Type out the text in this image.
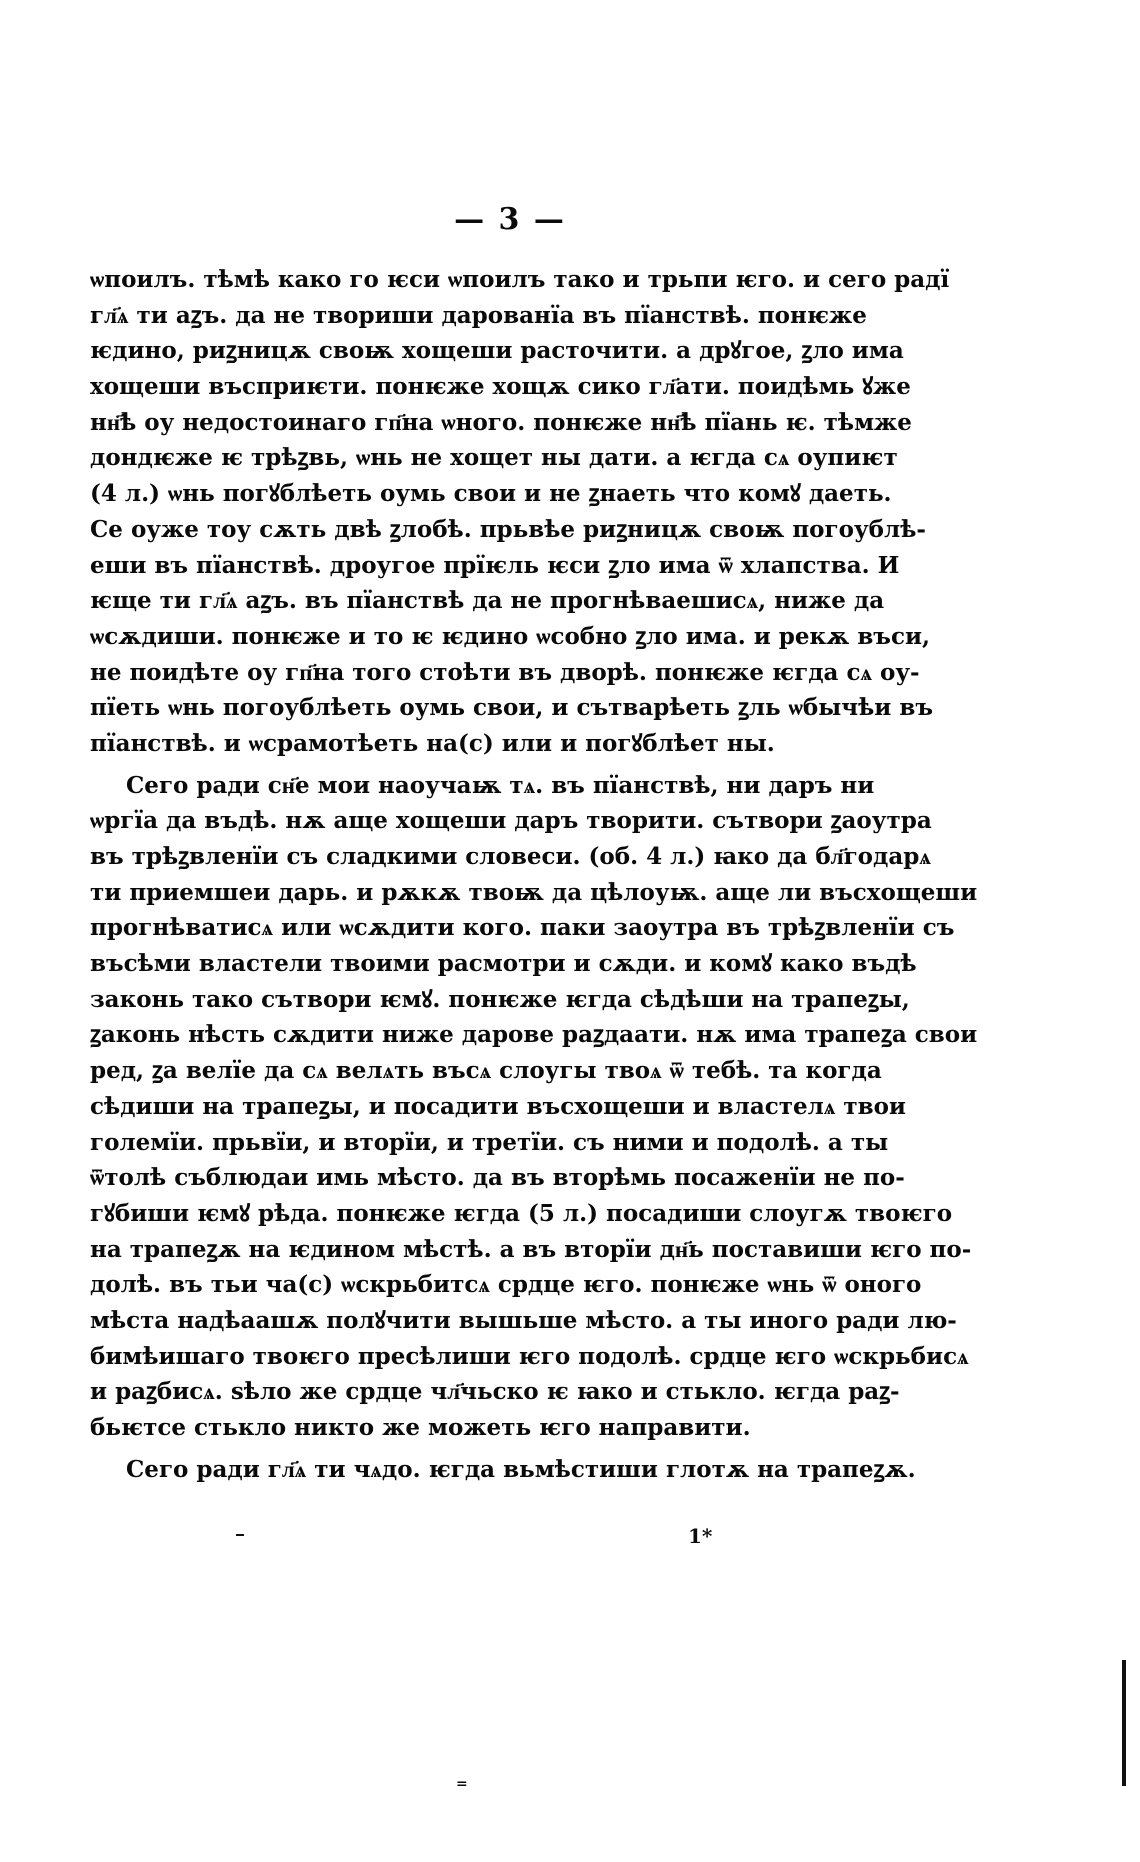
— 3 —
ѡпоилъ. тѣмѣ како го ѥси ѡпоилъ тако и трьпи ѥго. и сего радї
гл҃ѧ ти аꙁъ. да не твориши дарованїа въ пїанствѣ. понѥже
ѥдино, риꙁницѫ своѭ хощеши расточити. а дрꙋгое, ꙁло има
хощеши въсприѥти. понѥже хощѫ сико гл҃ати. поидѣмь ꙋже
нн҃ѣ оу недостоинаго гп҃на ѡного. понѥже нн҃ѣ пїань ѥ. тѣмже
дондѥже ѥ трѣꙁвь, ѡнь не хощет ны дати. а ѥгда сѧ оупиѥт
(4 л.) ѡнь погꙋблѣеть оумь свои и не ꙁнаеть что комꙋ даеть.
Се оуже тоу сѫть двѣ ꙁлобѣ. прьвѣе риꙁницѫ своѭ погоублѣ-
еши въ пїанствѣ. дроугое прїѥль ѥси ꙁло има ѿ хлапства. И
ѥще ти гл҃ѧ аꙁъ. въ пїанствѣ да не прогнѣваешисѧ, ниже да
ѡсѫдиши. понѥже и то ѥ ѥдино ѡсобно ꙁло има. и рекѫ въси,
не поидѣте оу гп҃на того стоѣти въ дворѣ. понѥже ѥгда сѧ оу-
пїеть ѡнь погоублѣеть оумь свои, и сътварѣеть ꙁль ѡбычѣи въ
пїанствѣ. и ѡсрамотѣеть на(с) или и погꙋблѣет ны.
Сего ради сн҃е мои наоучаѭ тѧ. въ пїанствѣ, ни даръ ни
ѡргїа да въдѣ. нѫ аще хощеши даръ творити. сътвори ꙁаоутра
въ трѣꙁвленїи съ сладкими словеси. (об. 4 л.) ꙗко да бл҃годарѧ
ти приемшеи дарь. и рѫкѫ твоѭ да цѣлоуѭ. аще ли въсхощеши
прогнѣватисѧ или ѡсѫдити кого. паки заоутра въ трѣꙁвленїи съ
въсѣми властели твоими расмотри и сѫди. и комꙋ како въдѣ
законь тако сътвори ѥмꙋ. понѥже ѥгда сѣдѣши на трапеꙁы,
ꙁаконь нѣсть сѫдити ниже дарове раꙁдаати. нѫ има трапеꙁа свои
ред, ꙁа велїе да сѧ велѧть въсѧ слоугы твоѧ ѿ тебѣ. та когда
сѣдиши на трапеꙁы, и посадити въсхощеши и властелѧ твои
големїи. прьвїи, и вторїи, и третїи. съ ними и подолѣ. а ты
ѿтолѣ съблюдаи имь мѣсто. да въ вторѣмь посаженїи не по-
гꙋбиши ѥмꙋ рѣда. понѥже ѥгда (5 л.) посадиши слоугѫ твоѥго
на трапеꙁѫ на ѥдином мѣстѣ. а въ вторїи дн҃ь поставиши ѥго по-
долѣ. въ тьи ча(с) ѡскрьбитсѧ срдце ѥго. понѥже ѡнь ѿ оного
мѣста надѣаашѫ полꙋчити вышьше мѣсто. а ты иного ради лю-
бимѣишаго твоѥго пресѣлиши ѥго подолѣ. срдце ѥго ѡскрьбисѧ
и раꙁбисѧ. ѕѣло же срдце чл҃чьско ѥ ꙗко и стькло. ѥгда раꙁ-
бьѥтсе стькло никто же можеть ѥго направити.
Сего ради гл҃ѧ ти чѧдо. ѥгда вьмѣстиши глотѫ на трапеꙁѫ.
1*
=
